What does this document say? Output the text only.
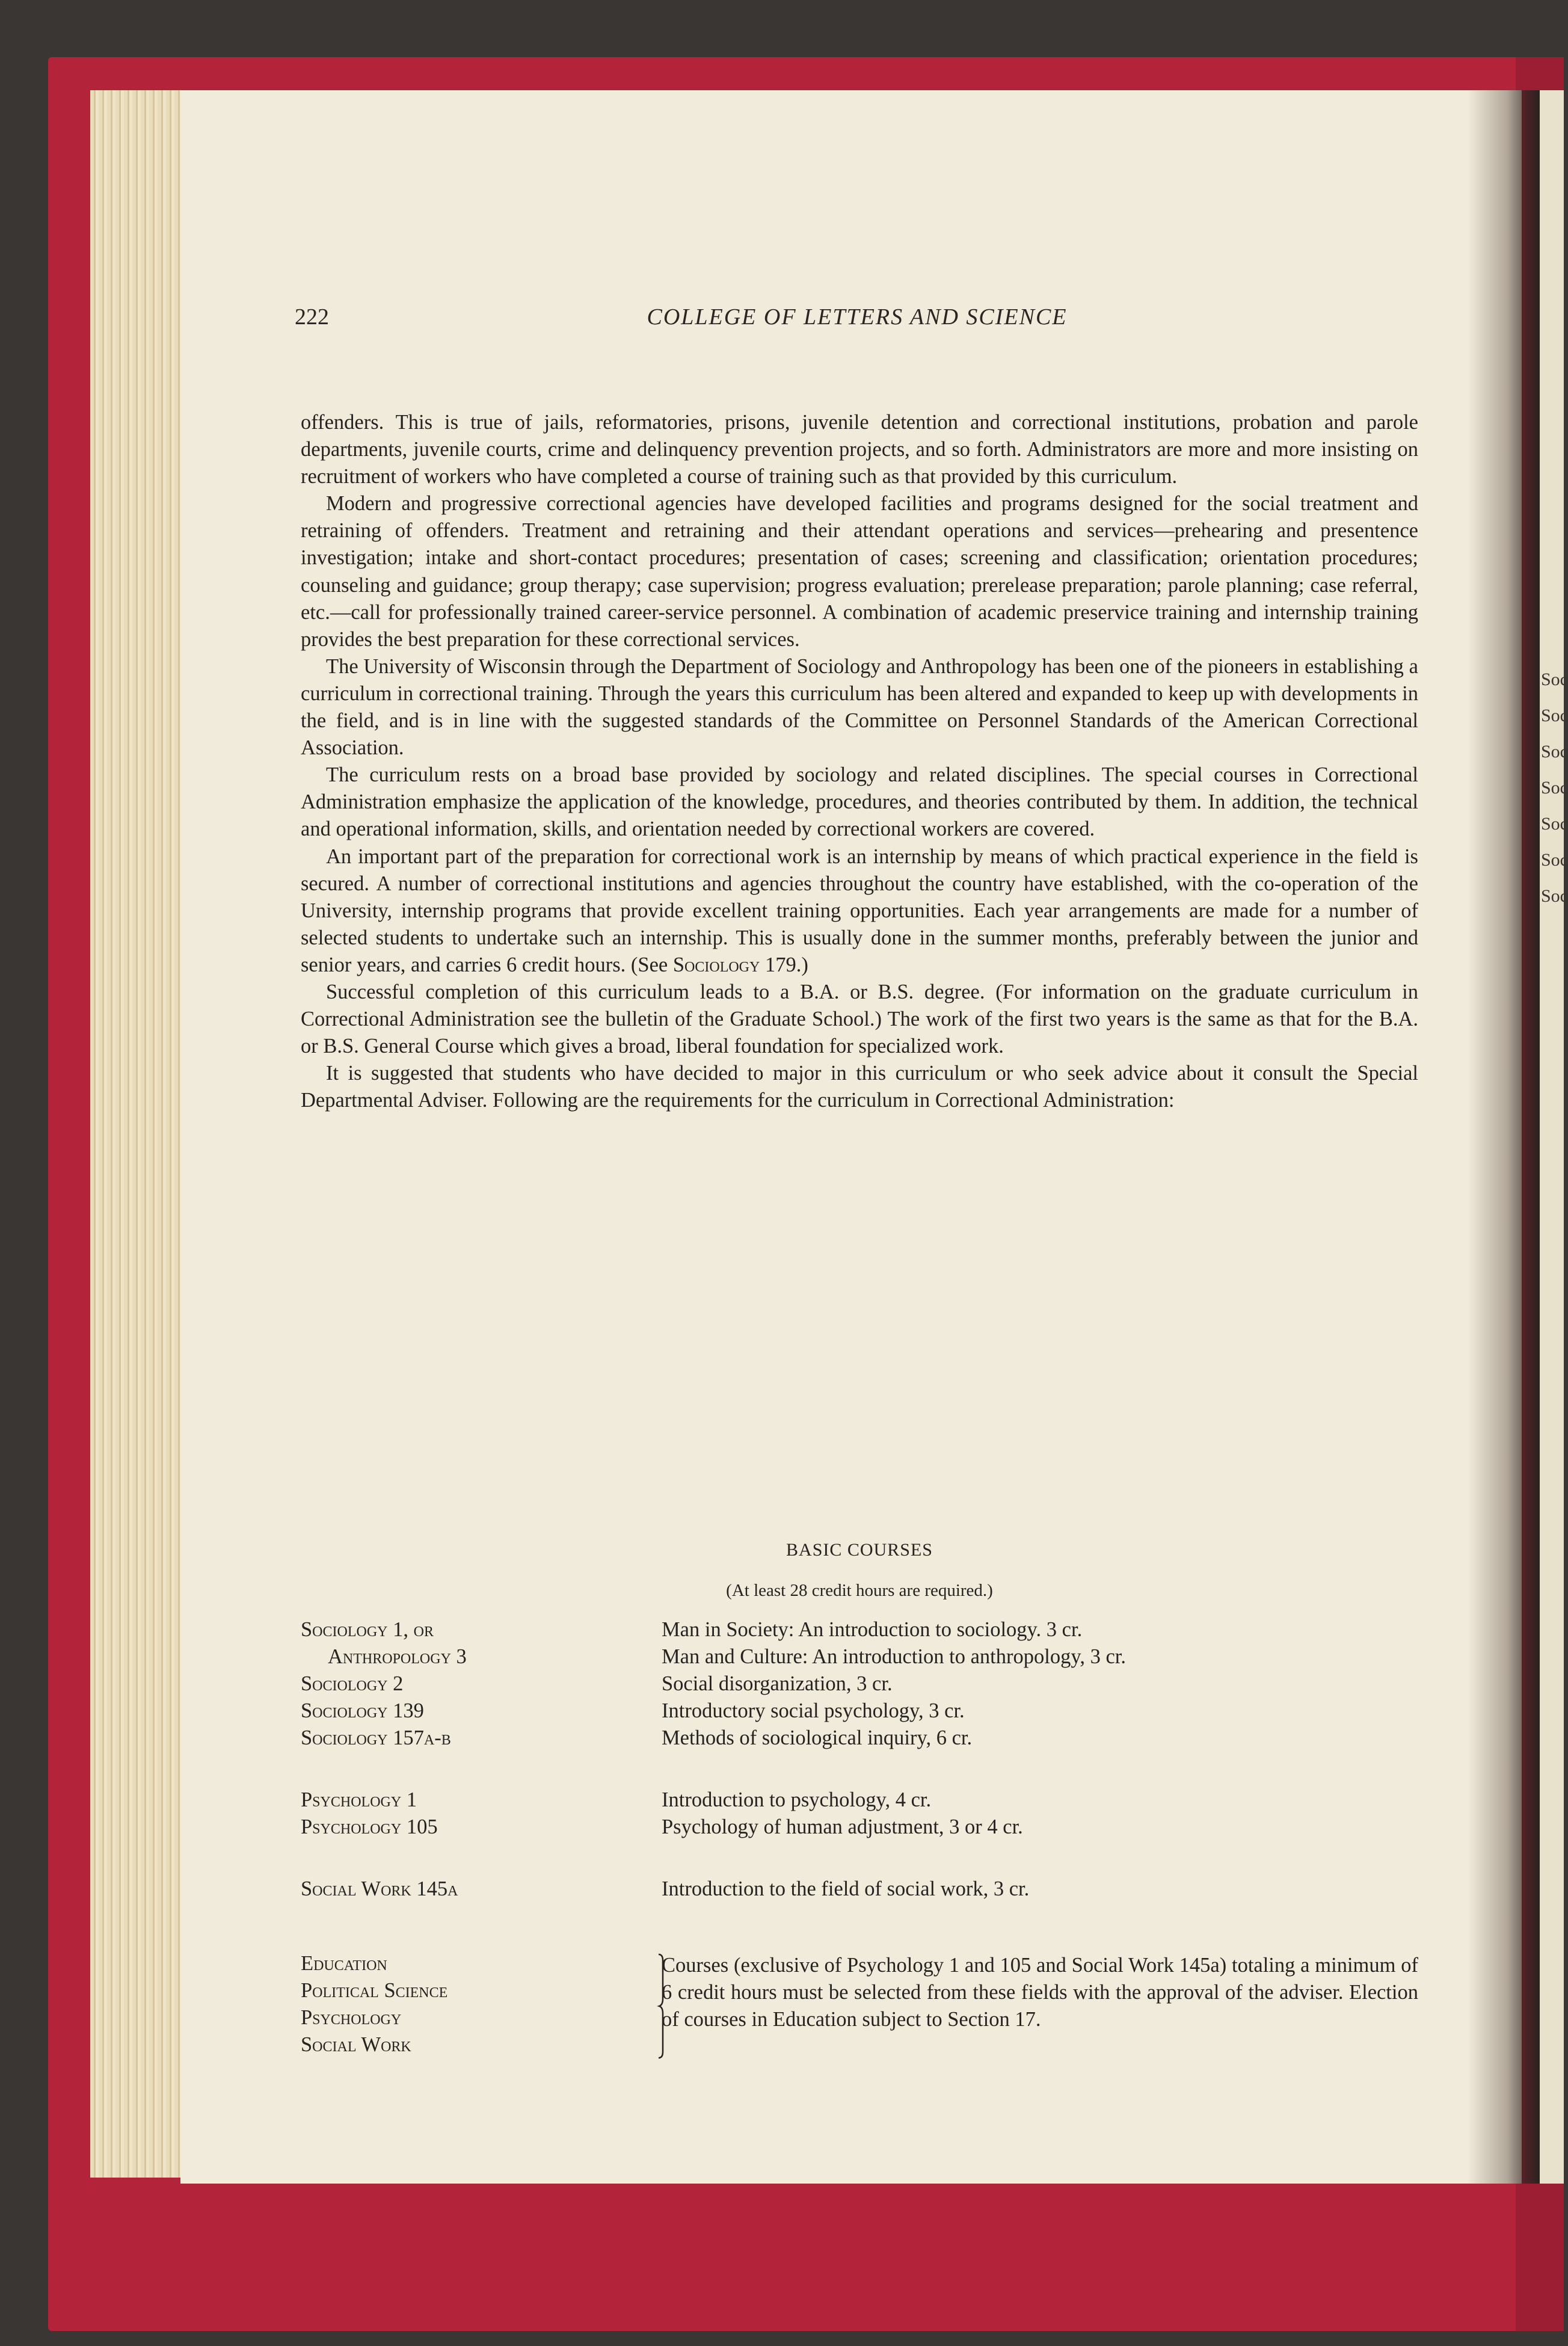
222	COLLEGE OF LETTERS AND SCIENCE

offenders. This is true of jails, reformatories, prisons, juvenile detention and correctional institutions, probation and parole departments, juvenile courts, crime and delinquency prevention projects, and so forth. Administrators are more and more insisting on recruitment of workers who have completed a course of training such as that provided by this curriculum.

Modern and progressive correctional agencies have developed facilities and programs designed for the social treatment and retraining of offenders. Treatment and retraining and their attendant operations and services—prehearing and presentence investigation; intake and short-contact procedures; presentation of cases; screening and classification; orientation procedures; counseling and guidance; group therapy; case supervision; progress evaluation; prerelease preparation; parole planning; case referral, etc.—call for professionally trained career-service personnel. A combination of academic preservice training and internship training provides the best preparation for these correctional services.

The University of Wisconsin through the Department of Sociology and Anthropology has been one of the pioneers in establishing a curriculum in correctional training. Through the years this curriculum has been altered and expanded to keep up with developments in the field, and is in line with the suggested standards of the Committee on Personnel Standards of the American Correctional Association.

The curriculum rests on a broad base provided by sociology and related disciplines. The special courses in Correctional Administration emphasize the application of the knowledge, procedures, and theories contributed by them. In addition, the technical and operational information, skills, and orientation needed by correctional workers are covered.

An important part of the preparation for correctional work is an internship by means of which practical experience in the field is secured. A number of correctional institutions and agencies throughout the country have established, with the co-operation of the University, internship programs that provide excellent training opportunities. Each year arrangements are made for a number of selected students to undertake such an internship. This is usually done in the summer months, preferably between the junior and senior years, and carries 6 credit hours. (See Sociology 179.)

Successful completion of this curriculum leads to a B.A. or B.S. degree. (For information on the graduate curriculum in Correctional Administration see the bulletin of the Graduate School.) The work of the first two years is the same as that for the B.A. or B.S. General Course which gives a broad, liberal foundation for specialized work.

It is suggested that students who have decided to major in this curriculum or who seek advice about it consult the Special Departmental Adviser. Following are the requirements for the curriculum in Correctional Administration:

BASIC COURSES
(At least 28 credit hours are required.)
Sociology 1, or	Man in Society: An introduction to sociology. 3 cr.
Anthropology 3	Man and Culture: An introduction to anthropology, 3 cr.
Sociology 2	Social disorganization, 3 cr.
Sociology 139	Introductory social psychology, 3 cr.
Sociology 157a-b	Methods of sociological inquiry, 6 cr.
Psychology 1	Introduction to psychology, 4 cr.
Psychology 105	Psychology of human adjustment, 3 or 4 cr.
Social Work 145a	Introduction to the field of social work, 3 cr.
Education
Political Science
Psychology
Social Work
Courses (exclusive of Psychology 1 and 105 and Social Work 145a) totaling a minimum of 6 credit hours must be selected from these fields with the approval of the adviser. Election of courses in Education subject to Section 17.
Soc
Soc
Soc
Soc
Soc
Soc
Soc
